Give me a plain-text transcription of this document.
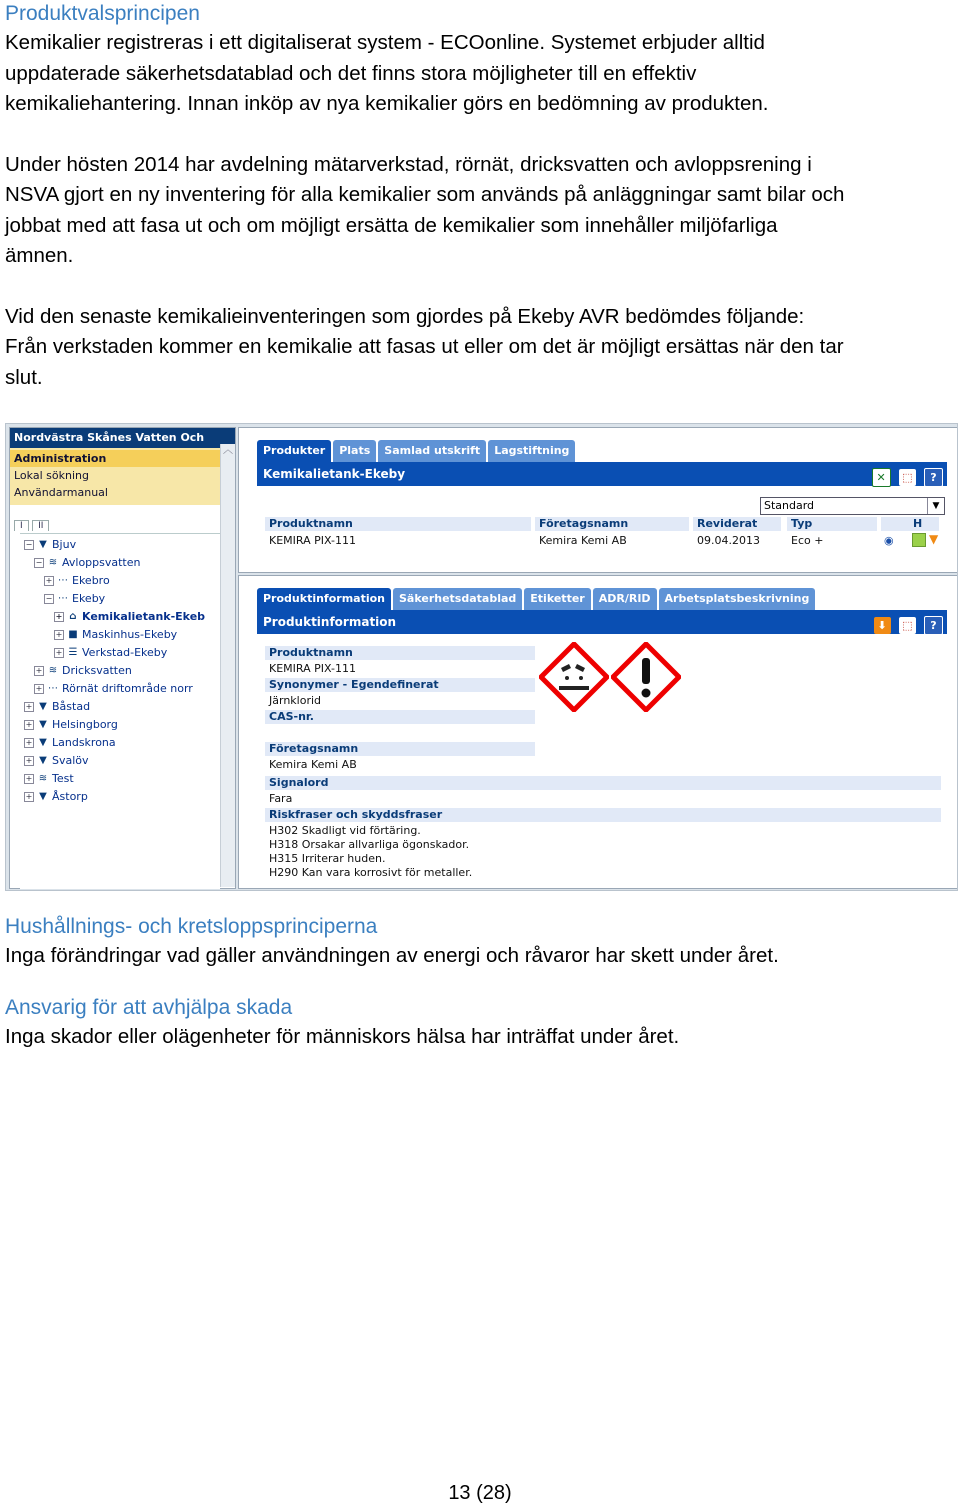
Produktvalsprincipen

Kemikalier registreras i ett digitaliserat system - ECOonline. Systemet erbjuder alltid

uppdaterade säkerhetsdatablad och det finns stora möjligheter till en effektiv

kemikaliehantering. Innan inköp av nya kemikalier görs en bedömning av produkten.

Under hösten 2014 har avdelning mätarverkstad, rörnät, dricksvatten och avloppsrening i

NSVA gjort en ny inventering för alla kemikalier som används på anläggningar samt bilar och

jobbat med att fasa ut och om möjligt ersätta de kemikalier som innehåller miljöfarliga

ämnen.

Vid den senaste kemikalieinventeringen som gjordes på Ekeby AVR bedömdes följande:

Från verkstaden kommer en kemikalie att fasas ut eller om det är möjligt ersättas när den tar

slut.

Nordvästra Skånes Vatten Och
Administration
Lokal sökning
Användarmanual
︿
I II
− ▼ Bjuv
− ≋ Avloppsvatten
+ ⋯ Ekebro
− ⋯ Ekeby
+ ⌂ Kemikalietank-Ekeb
+ ■ Maskinhus-Ekeby
+ ☰ Verkstad-Ekeby
+ ≋ Dricksvatten
+ ⋯ Rörnät driftområde norr
+ ▼ Båstad
+ ▼ Helsingborg
+ ▼ Landskrona
+ ▼ Svalöv
+ ≋ Test
+ ▼ Åstorp
Produkter Plats Samlad utskrift Lagstiftning
Kemikalietank-Ekeby	✕ ⬚ ?
Standard	▼
Produktnamn	Företagsnamn	Reviderat	Typ	H
KEMIRA PIX-111	Kemira Kemi AB	09.04.2013	Eco +	◉	▼
Produktinformation Säkerhetsdatablad Etiketter ADR/RID Arbetsplatsbeskrivning
Produktinformation	⬇ ⬚ ?
Produktnamn
KEMIRA PIX-111
Synonymer - Egendefinerat
Järnklorid
CAS-nr.
Företagsnamn
Kemira Kemi AB
Signalord
Fara
Riskfraser och skyddsfraser
H302 Skadligt vid förtäring.
H318 Orsakar allvarliga ögonskador.
H315 Irriterar huden.
H290 Kan vara korrosivt för metaller.
Hushållnings- och kretsloppsprinciperna

Inga förändringar vad gäller användningen av energi och råvaror har skett under året.

Ansvarig för att avhjälpa skada

Inga skador eller olägenheter för människors hälsa har inträffat under året.

13 (28)
